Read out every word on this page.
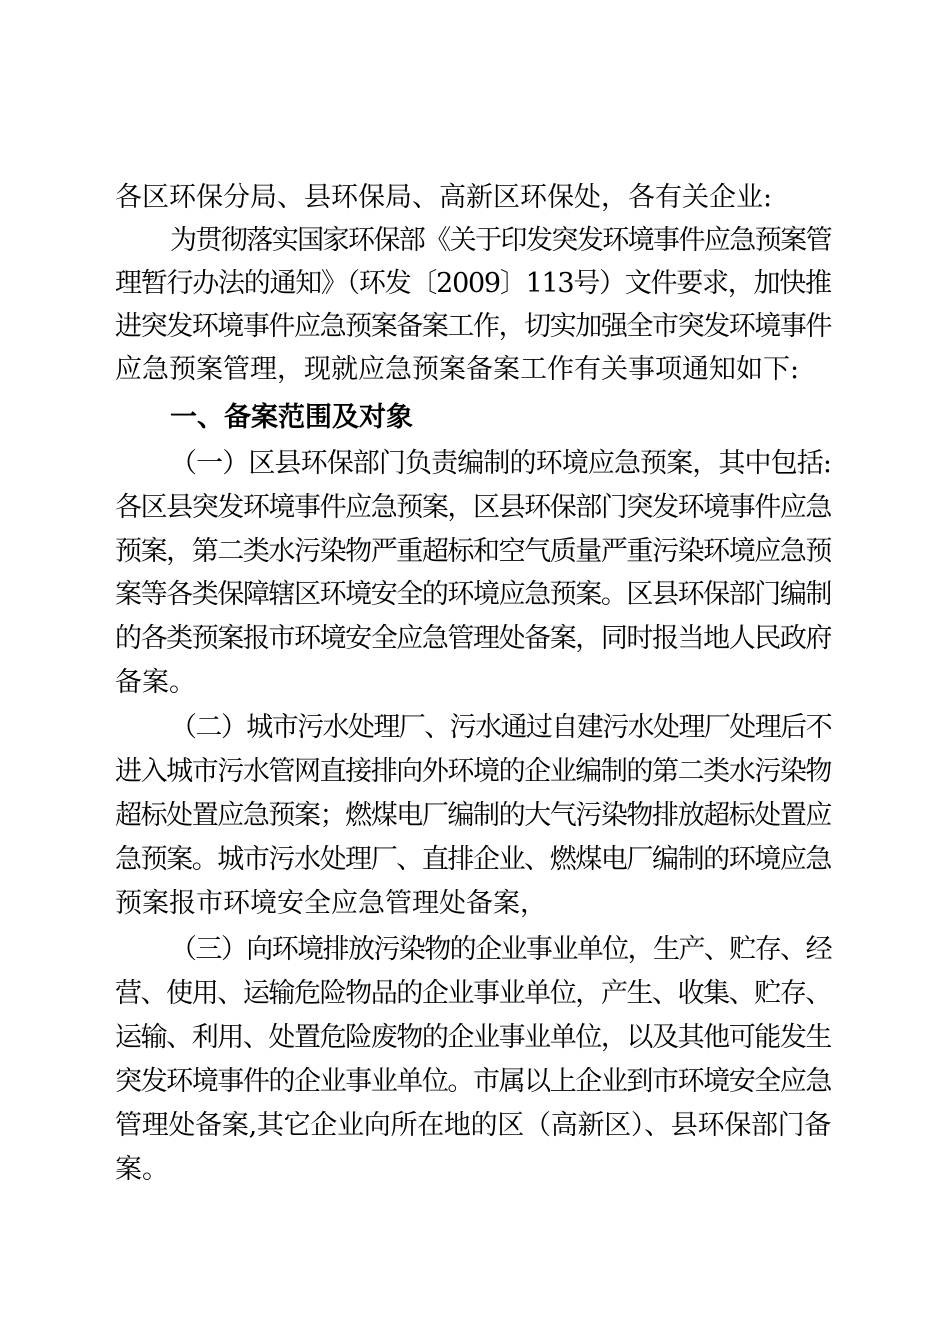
各区环保分局、县环保局、高新区环保处，各有关企业:
为贯彻落实国家环保部《关于印发突发环境事件应急预案管
理暂行办法的通知》（环发〔2009〕113号）文件要求，加快推
进突发环境事件应急预案备案工作，切实加强全市突发环境事件
应急预案管理，现就应急预案备案工作有关事项通知如下:
一、备案范围及对象
（一）区县环保部门负责编制的环境应急预案，其中包括:
各区县突发环境事件应急预案，区县环保部门突发环境事件应急
预案，第二类水污染物严重超标和空气质量严重污染环境应急预
案等各类保障辖区环境安全的环境应急预案。区县环保部门编制
的各类预案报市环境安全应急管理处备案，同时报当地人民政府
备案。
（二）城市污水处理厂、污水通过自建污水处理厂处理后不
进入城市污水管网直接排向外环境的企业编制的第二类水污染物
超标处置应急预案；燃煤电厂编制的大气污染物排放超标处置应
急预案。城市污水处理厂、直排企业、燃煤电厂编制的环境应急
预案报市环境安全应急管理处备案，
（三）向环境排放污染物的企业事业单位，生产、贮存、经
营、使用、运输危险物品的企业事业单位，产生、收集、贮存、
运输、利用、处置危险废物的企业事业单位，以及其他可能发生
突发环境事件的企业事业单位。市属以上企业到市环境安全应急
管理处备案,其它企业向所在地的区（高新区）、县环保部门备
案。
